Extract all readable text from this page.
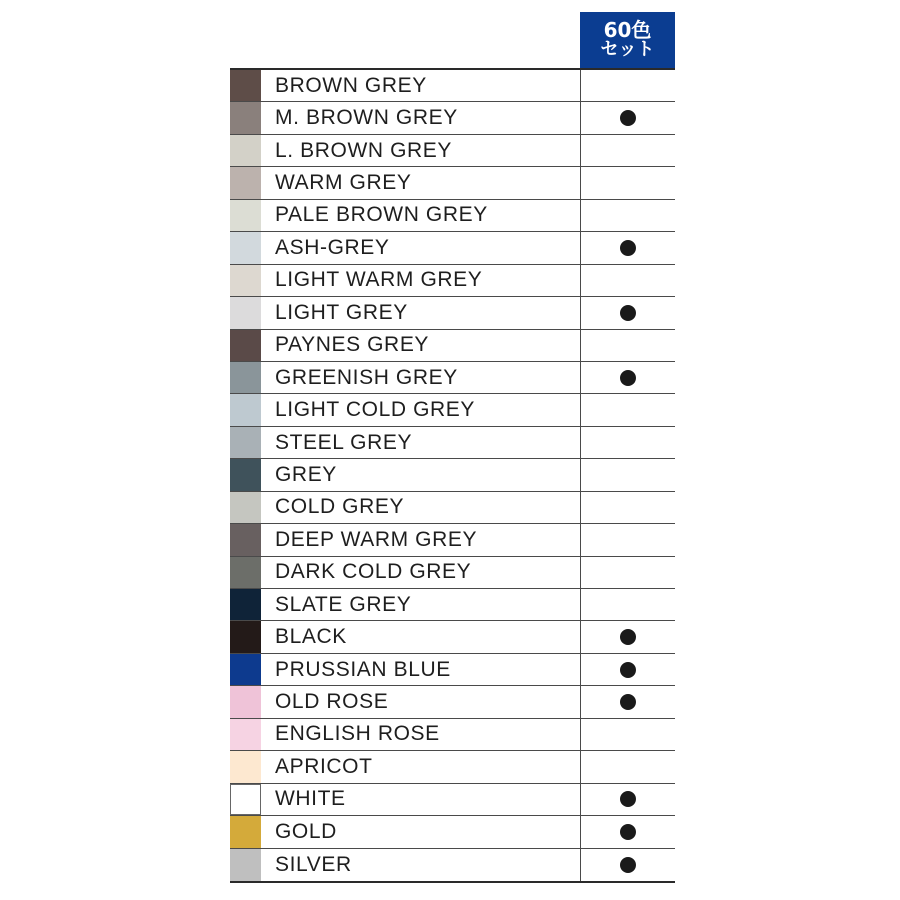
60色
セット
BROWN GREY
M. BROWN GREY
L. BROWN GREY
WARM GREY
PALE BROWN GREY
ASH-GREY
LIGHT WARM GREY
LIGHT GREY
PAYNES GREY
GREENISH GREY
LIGHT COLD GREY
STEEL GREY
GREY
COLD GREY
DEEP WARM GREY
DARK COLD GREY
SLATE GREY
BLACK
PRUSSIAN BLUE
OLD ROSE
ENGLISH ROSE
APRICOT
WHITE
GOLD
SILVER
